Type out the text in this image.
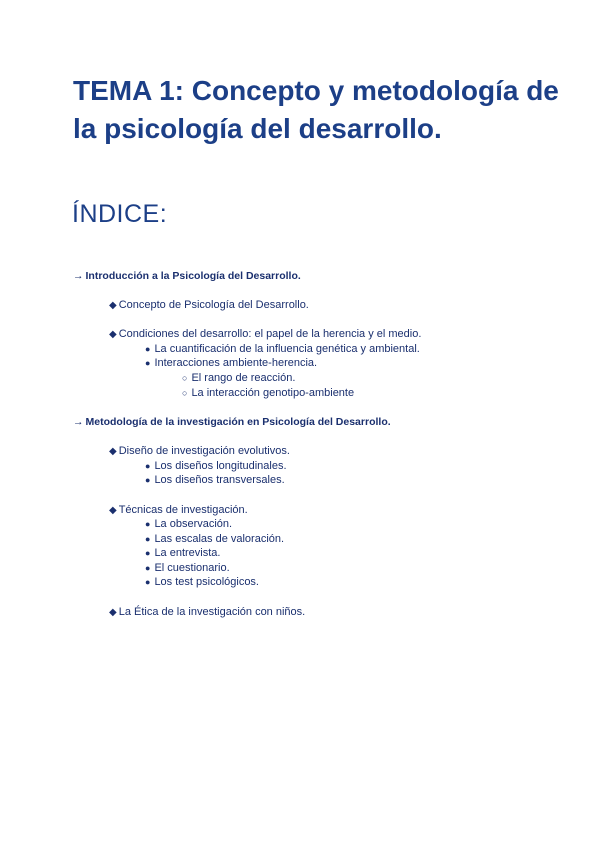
TEMA 1: Concepto y metodología de la psicología del desarrollo.
ÍNDICE:
→ Introducción a la Psicología del Desarrollo.
◆ Concepto de Psicología del Desarrollo.
◆ Condiciones del desarrollo: el papel de la herencia y el medio.
● La cuantificación de la influencia genética y ambiental.
● Interacciones ambiente-herencia.
○ El rango de reacción.
○ La interacción genotipo-ambiente
→ Metodología de la investigación en Psicología del Desarrollo.
◆ Diseño de investigación evolutivos.
● Los diseños longitudinales.
● Los diseños transversales.
◆ Técnicas de investigación.
● La observación.
● Las escalas de valoración.
● La entrevista.
● El cuestionario.
● Los test psicológicos.
◆ La Ética de la investigación con niños.
